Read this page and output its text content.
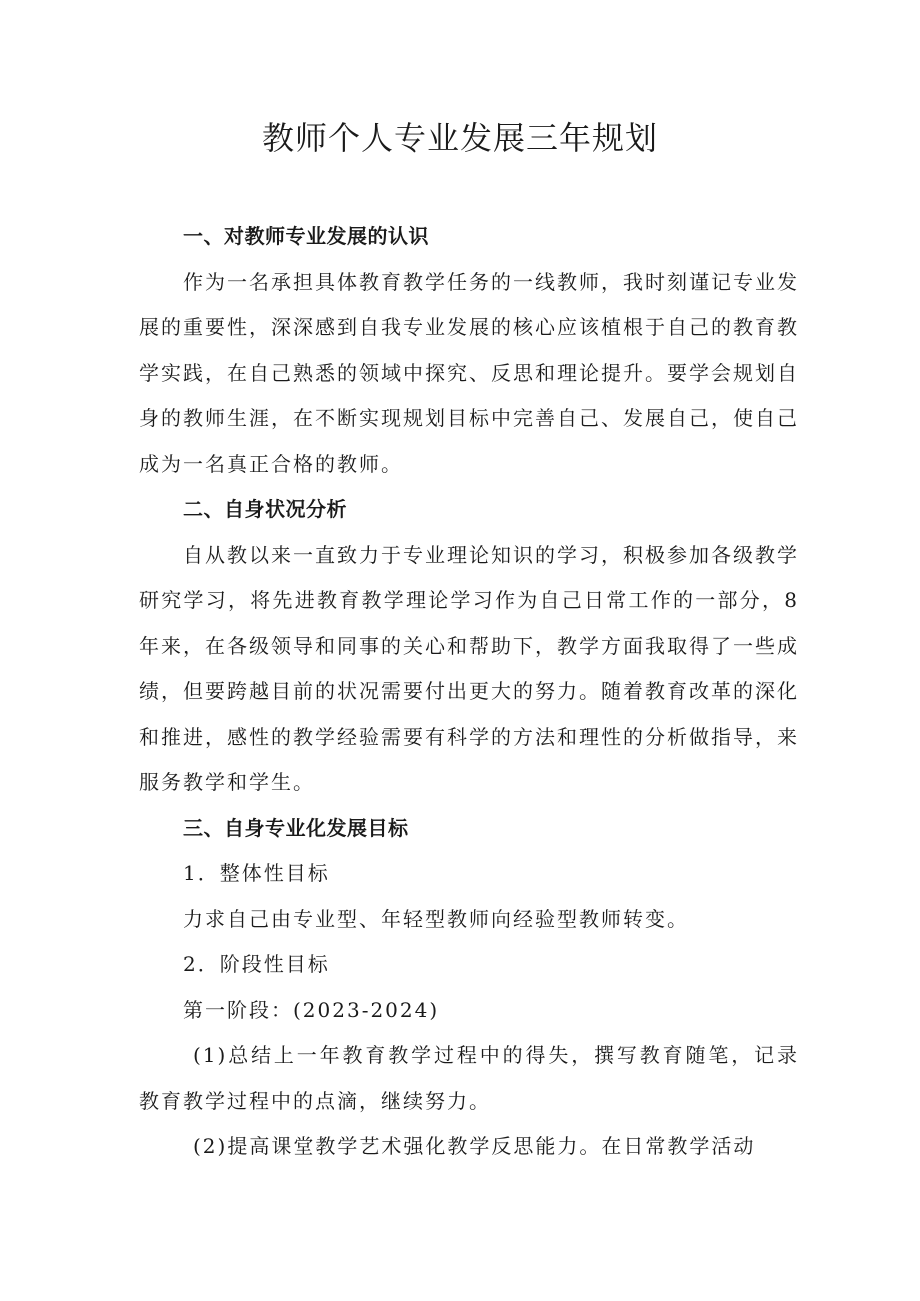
教师个人专业发展三年规划

一、对教师专业发展的认识

作为一名承担具体教育教学任务的一线教师，我时刻谨记专业发展的重要性，深深感到自我专业发展的核心应该植根于自己的教育教学实践，在自己熟悉的领域中探究、反思和理论提升。要学会规划自身的教师生涯，在不断实现规划目标中完善自己、发展自己，使自己成为一名真正合格的教师。

二、自身状况分析

自从教以来一直致力于专业理论知识的学习，积极参加各级教学研究学习，将先进教育教学理论学习作为自己日常工作的一部分，8年来，在各级领导和同事的关心和帮助下，教学方面我取得了一些成绩，但要跨越目前的状况需要付出更大的努力。随着教育改革的深化和推进，感性的教学经验需要有科学的方法和理性的分析做指导，来服务教学和学生。

三、自身专业化发展目标

1．整体性目标

力求自己由专业型、年轻型教师向经验型教师转变。

2．阶段性目标

第一阶段：(2023-2024)

(1)总结上一年教育教学过程中的得失，撰写教育随笔，记录教育教学过程中的点滴，继续努力。

(2)提高课堂教学艺术强化教学反思能力。在日常教学活动
